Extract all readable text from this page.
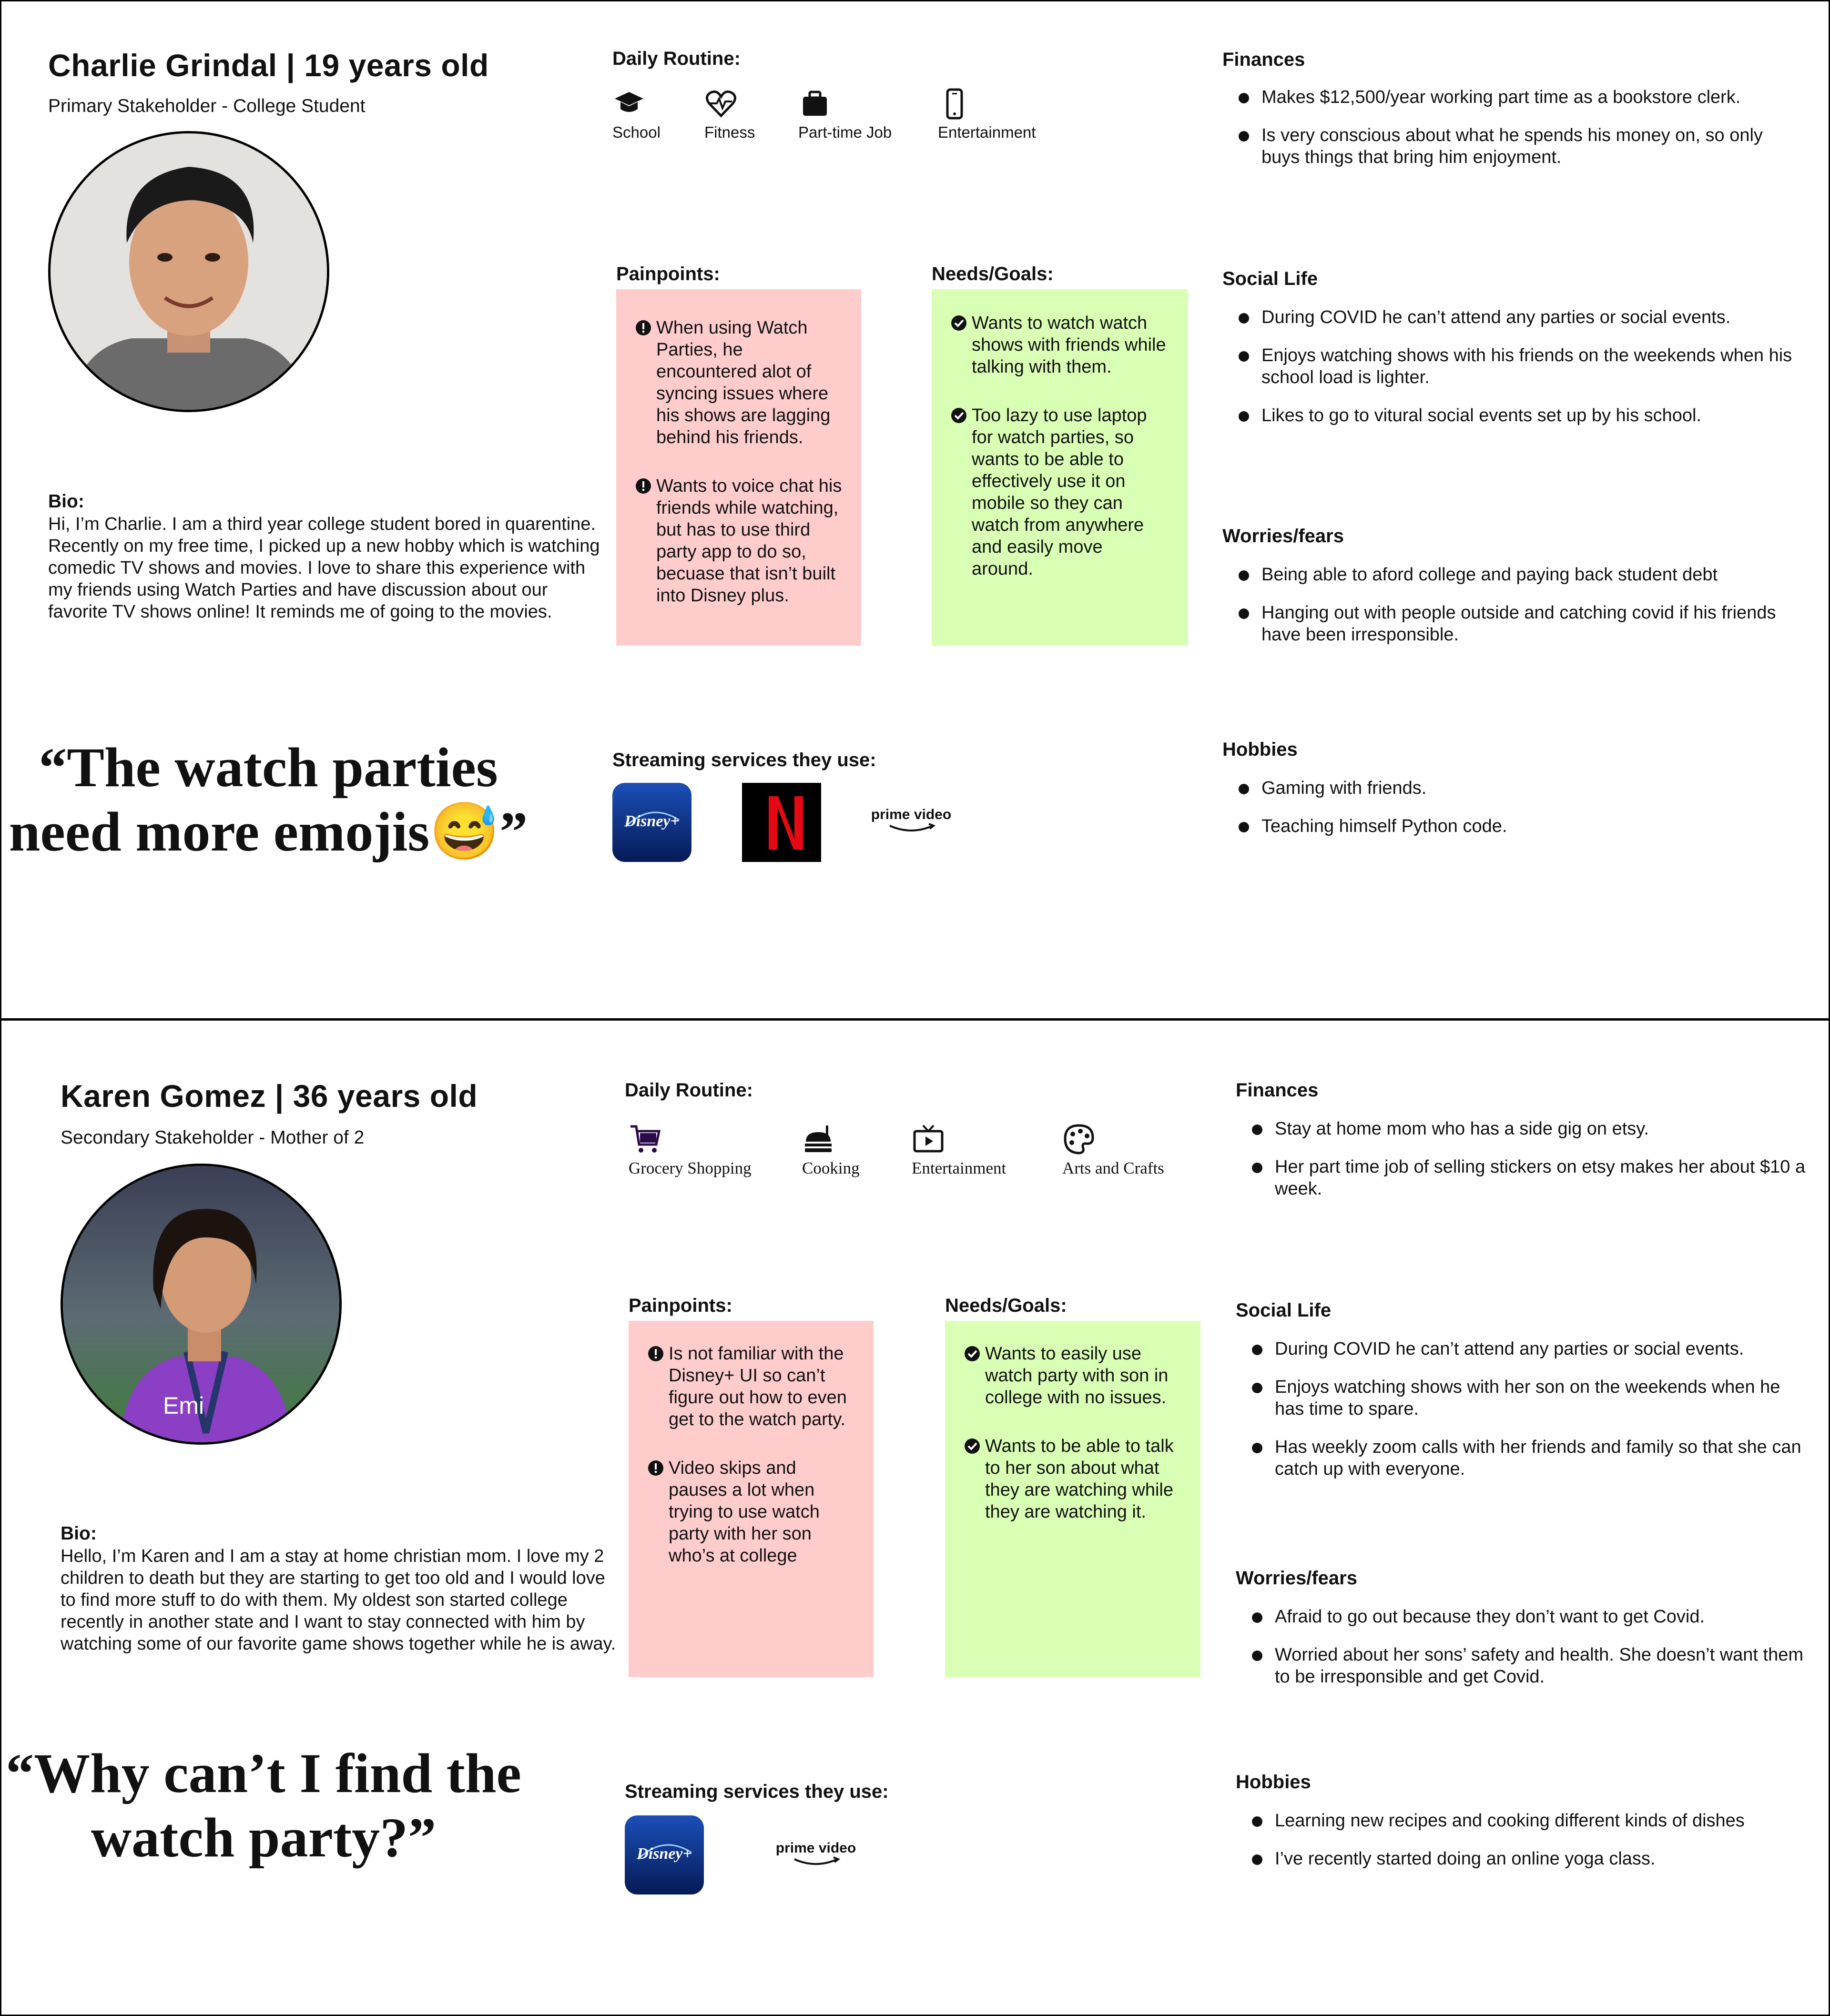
Charlie Grindal | 19 years old
Primary Stakeholder - College Student
Bio:
Hi, I’m Charlie. I am a third year college student bored in quarentine. Recently on my free time, I picked up a new hobby which is watching comedic TV shows and movies. I love to share this experience with my friends using Watch Parties and have discussion about our favorite TV shows online! It reminds me of going to the movies.
“The watch parties need more emojis😅”
Daily Routine:
School	Fitness	Part-time Job	Entertainment
Painpoints:
When using Watch Parties, he encountered alot of syncing issues where his shows are lagging behind his friends.
Wants to voice chat his friends while watching, but has to use third party app to do so, becuase that isn’t built into Disney plus.
Needs/Goals:
Wants to watch watch shows with friends while talking with them.
Too lazy to use laptop for watch parties, so wants to be able to effectively use it on mobile so they can watch from anywhere and easily move around.
Streaming services they use:
Disney+	prime video
Finances
Makes $12,500/year working part time as a bookstore clerk.
Is very conscious about what he spends his money on, so only buys things that bring him enjoyment.
Social Life
During COVID he can’t attend any parties or social events.
Enjoys watching shows with his friends on the weekends when his school load is lighter.
Likes to go to vitural social events set up by his school.
Worries/fears
Being able to aford college and paying back student debt
Hanging out with people outside and catching covid if his friends have been irresponsible.
Hobbies
Gaming with friends.
Teaching himself Python code.
Karen Gomez | 36 years old
Secondary Stakeholder - Mother of 2
Emi
Bio:
Hello, I’m Karen and I am a stay at home christian mom. I love my 2 children to death but they are starting to get too old and I would love to find more stuff to do with them. My oldest son started college recently in another state and I want to stay connected with him by watching some of our favorite game shows together while he is away.
“Why can’t I find the watch party?”
Daily Routine:
Grocery Shopping	Cooking	Entertainment	Arts and Crafts
Painpoints:
Is not familiar with the Disney+ UI so can’t figure out how to even get to the watch party.
Video skips and pauses a lot when trying to use watch party with her son who’s at college
Needs/Goals:
Wants to easily use watch party with son in college with no issues.
Wants to be able to talk to her son about what they are watching while they are watching it.
Streaming services they use:
Disney+	prime video
Finances
Stay at home mom who has a side gig on etsy.
Her part time job of selling stickers on etsy makes her about $10 a week.
Social Life
During COVID he can’t attend any parties or social events.
Enjoys watching shows with her son on the weekends when he has time to spare.
Has weekly zoom calls with her friends and family so that she can catch up with everyone.
Worries/fears
Afraid to go out because they don’t want to get Covid.
Worried about her sons’ safety and health. She doesn’t want them to be irresponsible and get Covid.
Hobbies
Learning new recipes and cooking different kinds of dishes
I’ve recently started doing an online yoga class.
